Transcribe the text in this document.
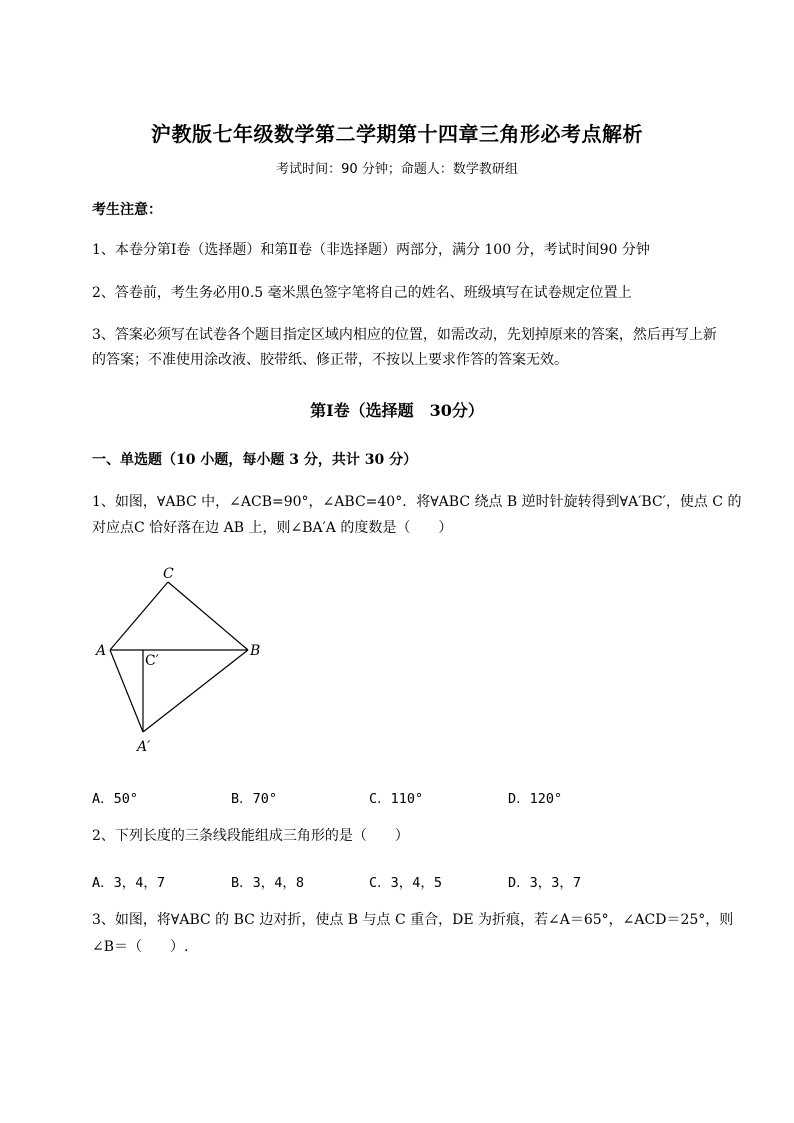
沪教版七年级数学第二学期第十四章三角形必考点解析
考试时间：90 分钟；命题人：数学教研组
考生注意：
1、本卷分第Ⅰ卷（选择题）和第Ⅱ卷（非选择题）两部分，满分 100 分，考试时间90 分钟
2、答卷前，考生务必用0.5 毫米黑色签字笔将自己的姓名、班级填写在试卷规定位置上
3、答案必须写在试卷各个题目指定区域内相应的位置，如需改动，先划掉原来的答案，然后再写上新
的答案；不准使用涂改液、胶带纸、修正带，不按以上要求作答的答案无效。
第Ⅰ卷（选择题　30分）
一、单选题（10 小题，每小题 3 分，共计 30 分）
1、如图，∀ABC 中，∠ACB=90°，∠ABC=40°．将∀ABC 绕点 B 逆时针旋转得到∀A′BC′，使点 C 的
对应点C 恰好落在边 AB 上，则∠BA′A 的度数是（　　）
C
A	B
C′
A′
A．50°	B．70°	C．110°	D．120°
2、下列长度的三条线段能组成三角形的是（　　）
A．3，4，7	B．3，4，8	C．3，4，5	D．3，3，7
3、如图，将∀ABC 的 BC 边对折，使点 B 与点 C 重合，DE 为折痕，若∠A＝65°，∠ACD＝25°，则
∠B＝（　　）.
